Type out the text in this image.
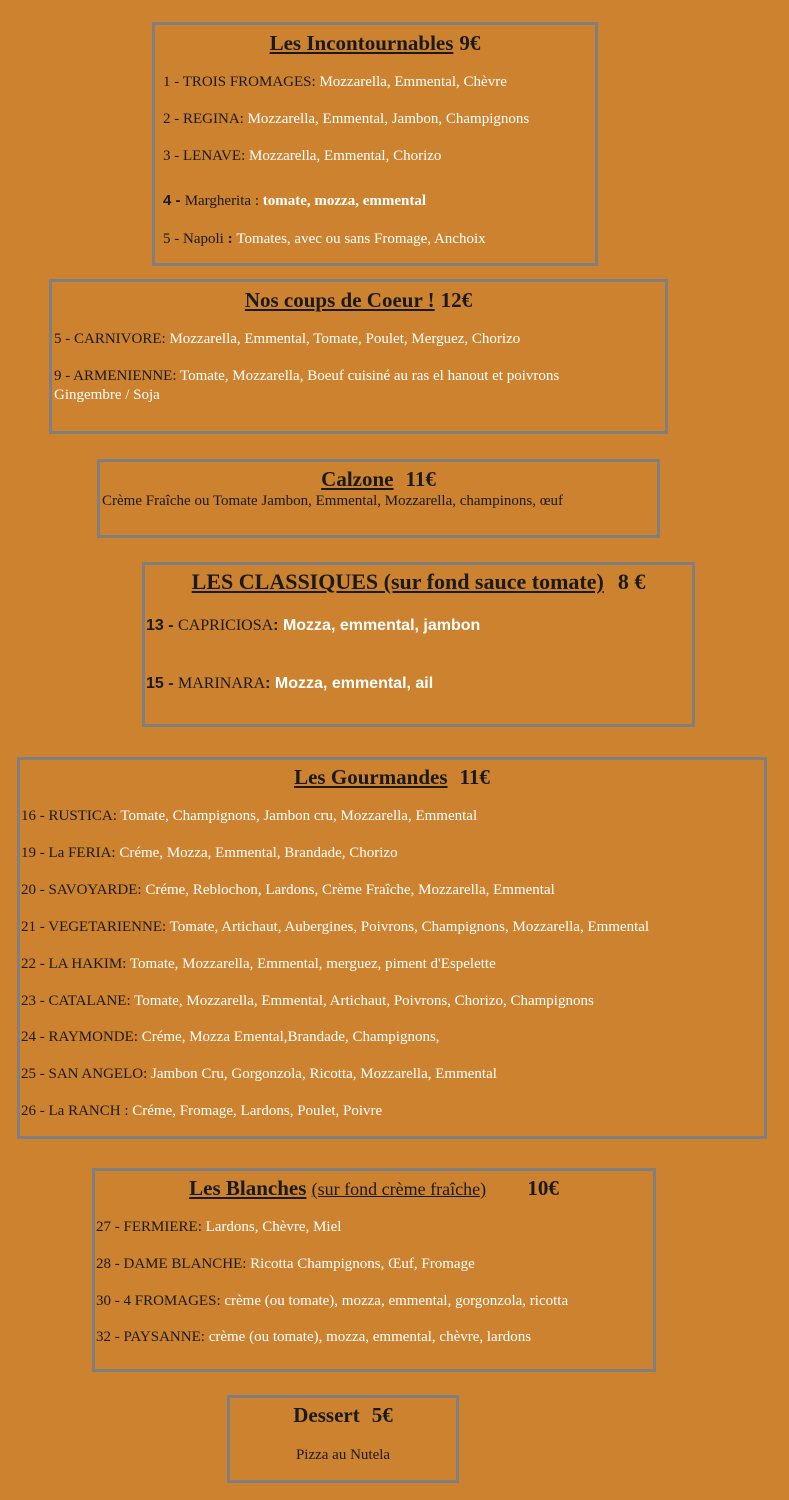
Les Incontournables 9€
1 - TROIS FROMAGES: Mozzarella, Emmental, Chèvre
2 - REGINA: Mozzarella, Emmental, Jambon, Champignons
3 - LENAVE: Mozzarella, Emmental, Chorizo
4 - Margherita : tomate, mozza, emmental
5 - Napoli : Tomates, avec ou sans Fromage, Anchoix
Nos coups de Coeur ! 12€
5 - CARNIVORE: Mozzarella, Emmental, Tomate, Poulet, Merguez, Chorizo
9 - ARMENIENNE: Tomate, Mozzarella, Boeuf cuisiné au ras el hanout et poivrons Gingembre / Soja
Calzone 11€
Crème Fraîche ou Tomate Jambon, Emmental, Mozzarella, champinons, œuf
LES CLASSIQUES (sur fond sauce tomate) 8 €
13 - CAPRICIOSA: Mozza, emmental, jambon
15 - MARINARA: Mozza, emmental, ail
Les Gourmandes 11€
16 - RUSTICA: Tomate, Champignons, Jambon cru, Mozzarella, Emmental
19 - La FERIA: Créme, Mozza, Emmental, Brandade, Chorizo
20 - SAVOYARDE: Créme, Reblochon, Lardons, Crème Fraîche, Mozzarella, Emmental
21 - VEGETARIENNE: Tomate, Artichaut, Aubergines, Poivrons, Champignons, Mozzarella, Emmental
22 - LA HAKIM: Tomate, Mozzarella, Emmental, merguez, piment d'Espelette
23 - CATALANE: Tomate, Mozzarella, Emmental, Artichaut, Poivrons, Chorizo, Champignons
24 - RAYMONDE: Créme, Mozza Emental,Brandade, Champignons,
25 - SAN ANGELO: Jambon Cru, Gorgonzola, Ricotta, Mozzarella, Emmental
26 - La RANCH : Créme, Fromage, Lardons, Poulet, Poivre
Les Blanches (sur fond crème fraîche) 10€
27 - FERMIERE: Lardons, Chèvre, Miel
28 - DAME BLANCHE: Ricotta Champignons, Œuf, Fromage
30 - 4 FROMAGES: crème (ou tomate), mozza, emmental, gorgonzola, ricotta
32 - PAYSANNE: crème (ou tomate), mozza, emmental, chèvre, lardons
Dessert 5€
Pizza au Nutela
